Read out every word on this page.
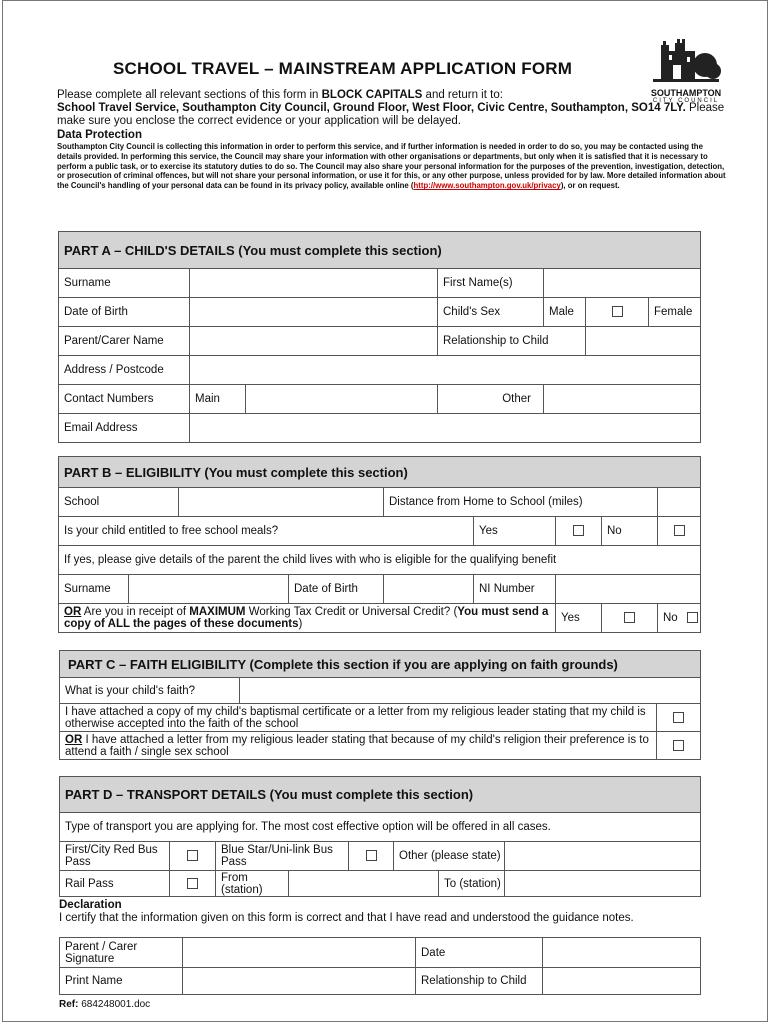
SCHOOL TRAVEL – MAINSTREAM APPLICATION FORM
SOUTHAMPTON
CITY COUNCIL
Please complete all relevant sections of this form in BLOCK CAPITALS and return it to:
School Travel Service, Southampton City Council, Ground Floor, West Floor, Civic Centre, Southampton, SO14 7LY. Please make sure you enclose the correct evidence or your application will be delayed.
Data Protection
Southampton City Council is collecting this information in order to perform this service, and if further information is needed in order to do so, you may be contacted using the details provided. In performing this service, the Council may share your information with other organisations or departments, but only when it is satisfied that it is necessary to perform a public task, or to exercise its statutory duties to do so. The Council may also share your personal information for the purposes of the prevention, investigation, detection, or prosecution of criminal offences, but will not share your personal information, or use it for this, or any other purpose, unless provided for by law. More detailed information about the Council's handling of your personal data can be found in its privacy policy, available online (http://www.southampton.gov.uk/privacy), or on request.
PART A – CHILD'S DETAILS (You must complete this section)						
Surname			First Name(s)			
Date of Birth			Child's Sex	Male		Female
Parent/Carer Name			Relationship to Child			
Address / Postcode						
Contact Numbers	Main		Other			
Email Address						
PART B – ELIGIBILITY (You must complete this section)								
School				Distance from Home to School (miles)				
Is your child entitled to free school meals?					Yes		No	
If yes, please give details of the parent the child lives with who is eligible for the qualifying benefit								
Surname			Date of Birth		NI Number			
OR Are you in receipt of MAXIMUM Working Tax Credit or Universal Credit? (You must send a copy of ALL the pages of these documents)						Yes		No
PART C – FAITH ELIGIBILITY (Complete this section if you are applying on faith grounds)		
What is your child's faith?		
I have attached a copy of my child's baptismal certificate or a letter from my religious leader stating that my child is otherwise accepted into the faith of the school		
OR I have attached a letter from my religious leader stating that because of my child's religion their preference is to attend a faith / single sex school		
PART D – TRANSPORT DETAILS (You must complete this section)							
Type of transport you are applying for. The most cost effective option will be offered in all cases.							
First/City Red Bus Pass		Blue Star/Uni-link Bus Pass			Other (please state)		
Rail Pass		From (station)				To (station)	
Declaration
I certify that the information given on this form is correct and that I have read and understood the guidance notes.
Parent / Carer Signature		Date	
Print Name		Relationship to Child	
Ref: 684248001.doc
